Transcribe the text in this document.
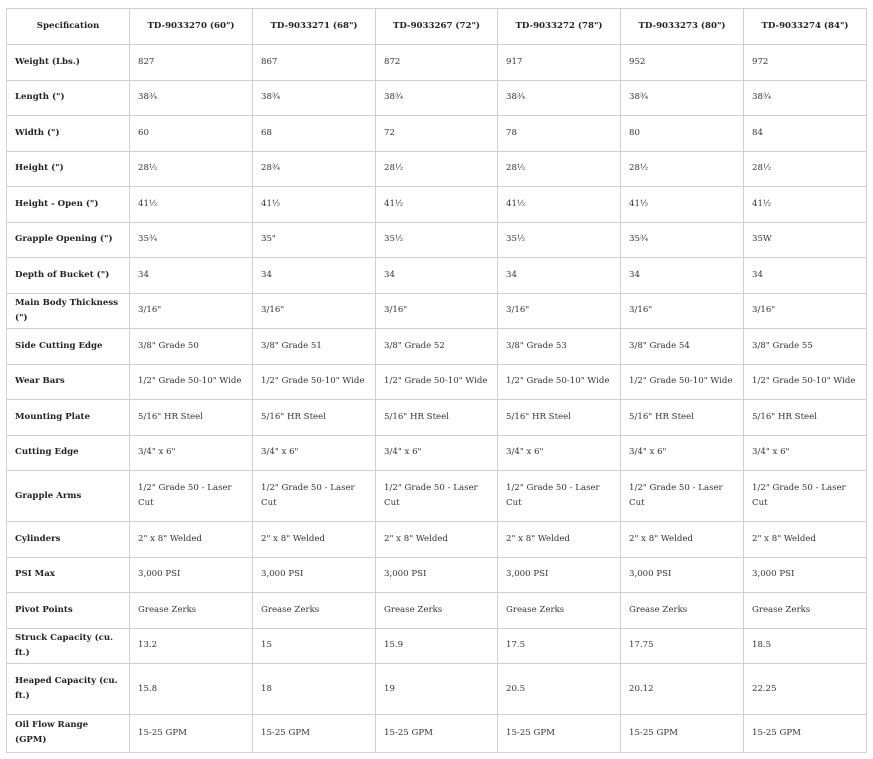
Specification	TD-9033270 (60")	TD-9033271 (68")	TD-9033267 (72")	TD-9033272 (78")	TD-9033273 (80")	TD-9033274 (84")
Weight (Lbs.)	827	867	872	917	952	972
Length (")	38¾	38¾	38¾	38¾	38¾	38¾
Width (")	60	68	72	78	80	84
Height (")	28½	28¾	28½	28½	28½	28½
Height - Open (")	41½	41½	41½	41½	41½	41½
Grapple Opening (")	35¾	35"	35½	35½	35¾	35W
Depth of Bucket (")	34	34	34	34	34	34
Main Body Thickness (")	3/16"	3/16"	3/16"	3/16"	3/16"	3/16"
Side Cutting Edge	3/8" Grade 50	3/8" Grade 51	3/8" Grade 52	3/8" Grade 53	3/8" Grade 54	3/8" Grade 55
Wear Bars	1/2" Grade 50-10" Wide	1/2" Grade 50-10" Wide	1/2" Grade 50-10" Wide	1/2" Grade 50-10" Wide	1/2" Grade 50-10" Wide	1/2" Grade 50-10" Wide
Mounting Plate	5/16" HR Steel	5/16" HR Steel	5/16" HR Steel	5/16" HR Steel	5/16" HR Steel	5/16" HR Steel
Cutting Edge	3/4" x 6"	3/4" x 6"	3/4" x 6"	3/4" x 6"	3/4" x 6"	3/4" x 6"
Grapple Arms	1/2" Grade 50 - Laser Cut	1/2" Grade 50 - Laser Cut	1/2" Grade 50 - Laser Cut	1/2" Grade 50 - Laser Cut	1/2" Grade 50 - Laser Cut	1/2" Grade 50 - Laser Cut
Cylinders	2" x 8" Welded	2" x 8" Welded	2" x 8" Welded	2" x 8" Welded	2" x 8" Welded	2" x 8" Welded
PSI Max	3,000 PSI	3,000 PSI	3,000 PSI	3,000 PSI	3,000 PSI	3,000 PSI
Pivot Points	Grease Zerks	Grease Zerks	Grease Zerks	Grease Zerks	Grease Zerks	Grease Zerks
Struck Capacity (cu. ft.)	13.2	15	15.9	17.5	17.75	18.5
Heaped Capacity (cu. ft.)	15.8	18	19	20.5	20.12	22.25
Oil Flow Range (GPM)	15-25 GPM	15-25 GPM	15-25 GPM	15-25 GPM	15-25 GPM	15-25 GPM
